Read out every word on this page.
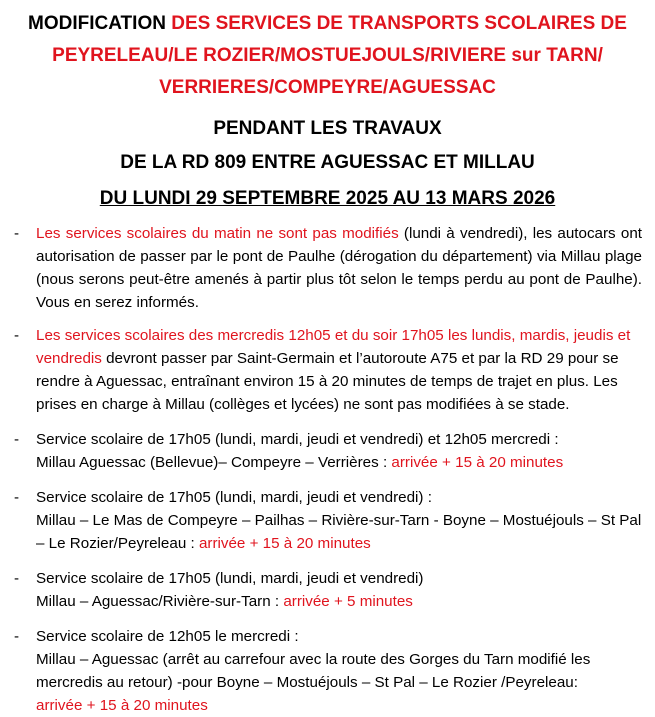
MODIFICATION DES SERVICES DE TRANSPORTS SCOLAIRES DE
PEYRELEAU/LE ROZIER/MOSTUEJOULS/RIVIERE sur TARN/
VERRIERES/COMPEYRE/AGUESSAC
PENDANT LES TRAVAUX
DE LA RD 809 ENTRE AGUESSAC ET MILLAU
DU LUNDI 29 SEPTEMBRE 2025 AU 13 MARS 2026
- Les services scolaires du matin ne sont pas modifiés (lundi à vendredi), les autocars ont autorisation de passer par le pont de Paulhe (dérogation du département) via Millau plage (nous serons peut-être amenés à partir plus tôt selon le temps perdu au pont de Paulhe). Vous en serez informés.
- Les services scolaires des mercredis 12h05 et du soir 17h05 les lundis, mardis, jeudis et vendredis devront passer par Saint-Germain et l’autoroute A75 et par la RD 29 pour se rendre à Aguessac, entraînant environ 15 à 20 minutes de temps de trajet en plus. Les prises en charge à Millau (collèges et lycées) ne sont pas modifiées à se stade.
- Service scolaire de 17h05 (lundi, mardi, jeudi et vendredi) et 12h05 mercredi :
Millau Aguessac (Bellevue)– Compeyre – Verrières : arrivée + 15 à 20 minutes
- Service scolaire de 17h05 (lundi, mardi, jeudi et vendredi) :
Millau – Le Mas de Compeyre – Pailhas – Rivière-sur-Tarn - Boyne – Mostuéjouls – St Pal – Le Rozier/Peyreleau : arrivée + 15 à 20 minutes
- Service scolaire de 17h05 (lundi, mardi, jeudi et vendredi)
Millau – Aguessac/Rivière-sur-Tarn : arrivée + 5 minutes
- Service scolaire de 12h05 le mercredi :
Millau – Aguessac (arrêt au carrefour avec la route des Gorges du Tarn modifié les mercredis au retour) -pour Boyne – Mostuéjouls – St Pal – Le Rozier /Peyreleau:
arrivée + 15 à 20 minutes
